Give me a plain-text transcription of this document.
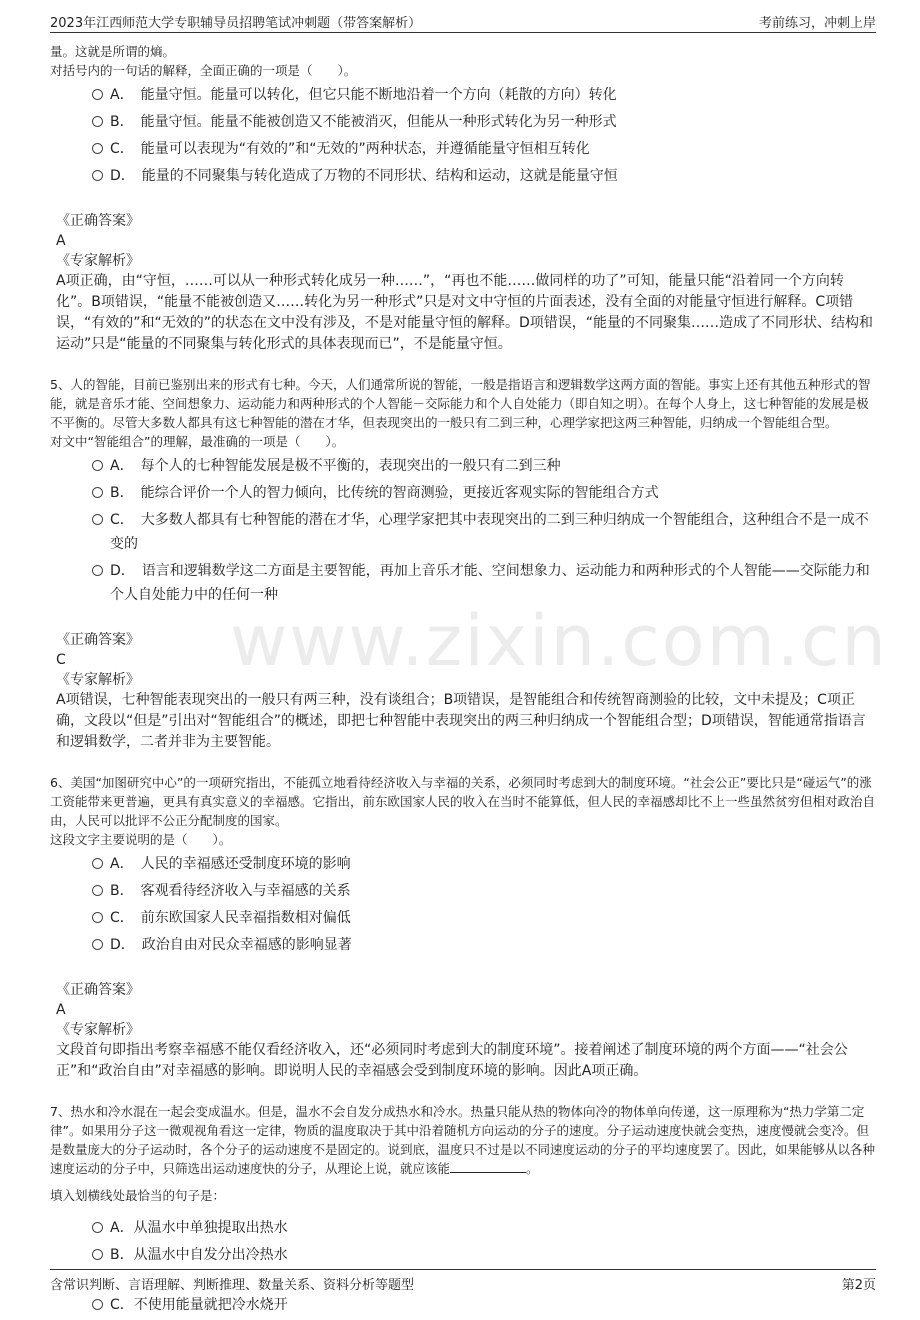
2023年江西师范大学专职辅导员招聘笔试冲刺题（带答案解析）	考前练习，冲刺上岸
www.zixin.com.cn

量。这就是所谓的熵。

对括号内的一句话的解释，全面正确的一项是（　　）。

A．　能量守恒。能量可以转化，但它只能不断地沿着一个方向（耗散的方向）转化
B．　能量守恒。能量不能被创造又不能被消灭，但能从一种形式转化为另一种形式
C．　能量可以表现为“有效的”和“无效的”两种状态，并遵循能量守恒相互转化
D．　能量的不同聚集与转化造成了万物的不同形状、结构和运动，这就是能量守恒

《正确答案》

A

《专家解析》

A项正确，由“守恒，……可以从一种形式转化成另一种……”，“再也不能……做同样的功了”可知，能量只能“沿着同一个方向转化”。B项错误，“能量不能被创造又……转化为另一种形式”只是对文中守恒的片面表述，没有全面的对能量守恒进行解释。C项错误，“有效的”和“无效的”的状态在文中没有涉及，不是对能量守恒的解释。D项错误，“能量的不同聚集……造成了不同形状、结构和运动”只是“能量的不同聚集与转化形式的具体表现而已”，不是能量守恒。

5、人的智能，目前已鉴别出来的形式有七种。今天，人们通常所说的智能，一般是指语言和逻辑数学这两方面的智能。事实上还有其他五种形式的智能，就是音乐才能、空间想象力、运动能力和两种形式的个人智能－交际能力和个人自处能力（即自知之明）。在每个人身上，这七种智能的发展是极不平衡的。尽管大多数人都具有这七种智能的潜在才华，但表现突出的一般只有二到三种，心理学家把这两三种智能，归纳成一个智能组合型。

对文中“智能组合”的理解，最准确的一项是（　　）。

A．　每个人的七种智能发展是极不平衡的，表现突出的一般只有二到三种
B．　能综合评价一个人的智力倾向，比传统的智商测验，更接近客观实际的智能组合方式
C．　大多数人都具有七种智能的潜在才华，心理学家把其中表现突出的二到三种归纳成一个智能组合，这种组合不是一成不变的
D．　语言和逻辑数学这二方面是主要智能，再加上音乐才能、空间想象力、运动能力和两种形式的个人智能——交际能力和个人自处能力中的任何一种

《正确答案》

C

《专家解析》

A项错误，七种智能表现突出的一般只有两三种，没有谈组合；B项错误，是智能组合和传统智商测验的比较，文中未提及；C项正确，文段以“但是”引出对“智能组合”的概述，即把七种智能中表现突出的两三种归纳成一个智能组合型；D项错误，智能通常指语言和逻辑数学，二者并非为主要智能。

6、美国“加图研究中心”的一项研究指出，不能孤立地看待经济收入与幸福的关系，必须同时考虑到大的制度环境。“社会公正”要比只是“碰运气”的涨工资能带来更普遍，更具有真实意义的幸福感。它指出，前东欧国家人民的收入在当时不能算低，但人民的幸福感却比不上一些虽然贫穷但相对政治自由，人民可以批评不公正分配制度的国家。

这段文字主要说明的是（　　）。

A．　人民的幸福感还受制度环境的影响
B．　客观看待经济收入与幸福感的关系
C．　前东欧国家人民幸福指数相对偏低
D．　政治自由对民众幸福感的影响显著

《正确答案》

A

《专家解析》

文段首句即指出考察幸福感不能仅看经济收入，还“必须同时考虑到大的制度环境”。接着阐述了制度环境的两个方面——“社会公正”和“政治自由”对幸福感的影响。即说明人民的幸福感会受到制度环境的影响。因此A项正确。

7、热水和冷水混在一起会变成温水。但是，温水不会自发分成热水和冷水。热量只能从热的物体向冷的物体单向传递，这一原理称为“热力学第二定律”。如果用分子这一微观视角看这一定律，物质的温度取决于其中沿着随机方向运动的分子的速度。分子运动速度快就会变热，速度慢就会变冷。但是数量庞大的分子运动时，各个分子的运动速度不是固定的。说到底，温度只不过是以不同速度运动的分子的平均速度罢了。因此，如果能够从以各种速度运动的分子中，只筛选出运动速度快的分子，从理论上说，就应该能	。

填入划横线处最恰当的句子是：

A．从温水中单独提取出热水
B．从温水中自发分出冷热水
C．不使用能量就把冷水烧开
含常识判断、言语理解、判断推理、数量关系、资料分析等题型	第2页
